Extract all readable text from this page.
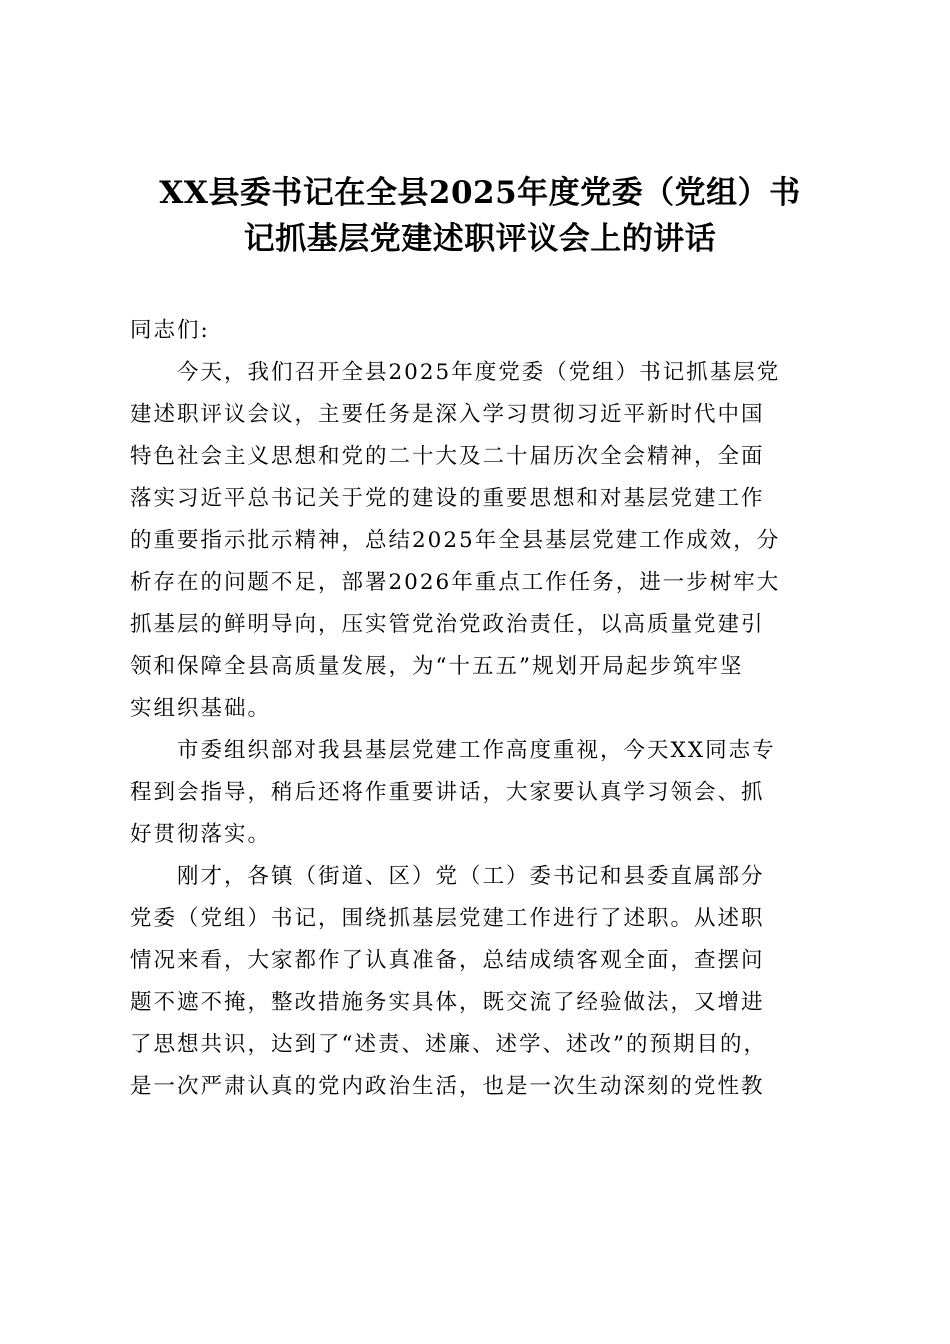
XX县委书记在全县2025年度党委（党组）书
记抓基层党建述职评议会上的讲话
同志们:
　　今天，我们召开全县2025年度党委（党组）书记抓基层党
建述职评议会议，主要任务是深入学习贯彻习近平新时代中国
特色社会主义思想和党的二十大及二十届历次全会精神，全面
落实习近平总书记关于党的建设的重要思想和对基层党建工作
的重要指示批示精神，总结2025年全县基层党建工作成效，分
析存在的问题不足，部署2026年重点工作任务，进一步树牢大
抓基层的鲜明导向，压实管党治党政治责任，以高质量党建引
领和保障全县高质量发展，为“十五五”规划开局起步筑牢坚
实组织基础。
　　市委组织部对我县基层党建工作高度重视，今天XX同志专
程到会指导，稍后还将作重要讲话，大家要认真学习领会、抓
好贯彻落实。
　　刚才，各镇（街道、区）党（工）委书记和县委直属部分
党委（党组）书记，围绕抓基层党建工作进行了述职。从述职
情况来看，大家都作了认真准备，总结成绩客观全面，查摆问
题不遮不掩，整改措施务实具体，既交流了经验做法，又增进
了思想共识，达到了“述责、述廉、述学、述改”的预期目的，
是一次严肃认真的党内政治生活，也是一次生动深刻的党性教
